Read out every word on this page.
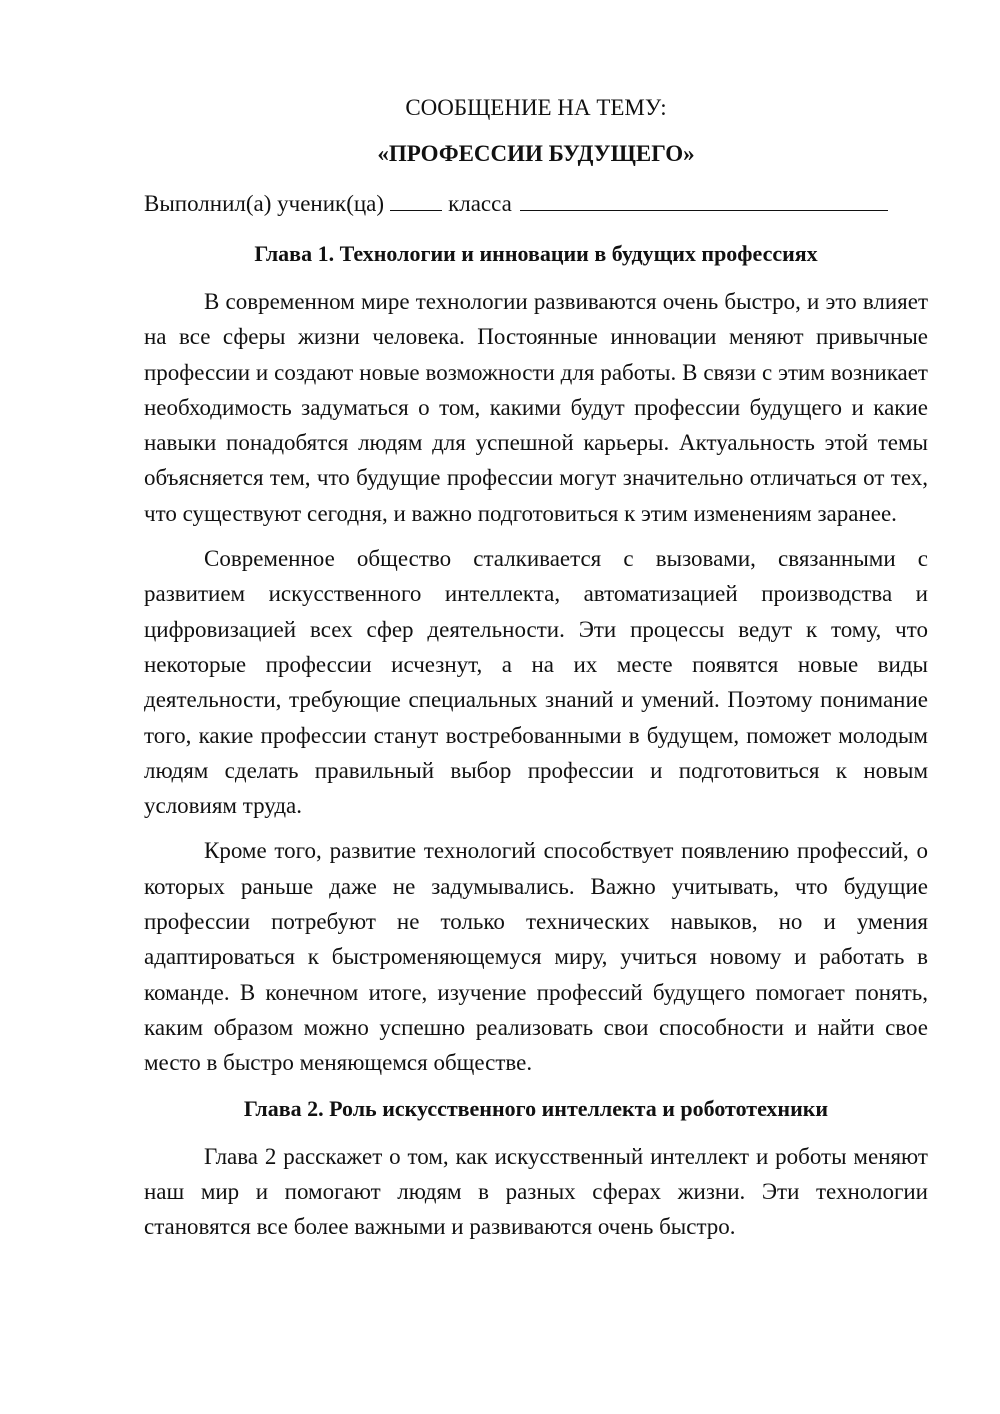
СООБЩЕНИЕ НА ТЕМУ:

«ПРОФЕССИИ БУДУЩЕГО»

Выполнил(а) ученик(ца)	класса
Глава 1. Технологии и инновации в будущих профессиях

В современном мире технологии развиваются очень быстро, и это влияет на все сферы жизни человека. Постоянные инновации меняют привычные профессии и создают новые возможности для работы. В связи с этим возникает необходимость задуматься о том, какими будут профессии будущего и какие навыки понадобятся людям для успешной карьеры. Актуальность этой темы объясняется тем, что будущие профессии могут значительно отличаться от тех, что существуют сегодня, и важно подготовиться к этим изменениям заранее.

Современное общество сталкивается с вызовами, связанными с развитием искусственного интеллекта, автоматизацией производства и цифровизацией всех сфер деятельности. Эти процессы ведут к тому, что некоторые профессии исчезнут, а на их месте появятся новые виды деятельности, требующие специальных знаний и умений. Поэтому понимание того, какие профессии станут востребованными в будущем, поможет молодым людям сделать правильный выбор профессии и подготовиться к новым условиям труда.

Кроме того, развитие технологий способствует появлению профессий, о которых раньше даже не задумывались. Важно учитывать, что будущие профессии потребуют не только технических навыков, но и умения адаптироваться к быстроменяющемуся миру, учиться новому и работать в команде. В конечном итоге, изучение профессий будущего помогает понять, каким образом можно успешно реализовать свои способности и найти свое место в быстро меняющемся обществе.

Глава 2. Роль искусственного интеллекта и робототехники

Глава 2 расскажет о том, как искусственный интеллект и роботы меняют наш мир и помогают людям в разных сферах жизни. Эти технологии становятся все более важными и развиваются очень быстро.
